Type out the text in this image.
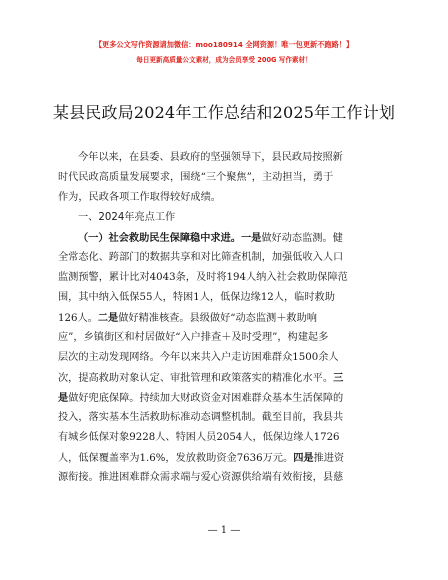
【更多公文写作资源请加微信：moo180914 全网资源！唯一包更新不跑路！】
每日更新高质量公文素材，成为会员享受 200G 写作素材！
某县民政局2024年工作总结和2025年工作计划
今年以来，在县委、县政府的坚强领导下，县民政局按照新
时代民政高质量发展要求，围绕“三个聚焦”，主动担当，勇于
作为，民政各项工作取得较好成绩。
一、2024年亮点工作
（一）社会救助民生保障稳中求进。一是做好动态监测。健
全常态化、跨部门的数据共享和对比筛查机制，加强低收入人口
监测预警，累计比对4043条，及时将194人纳入社会救助保障范
围，其中纳入低保55人，特困1人，低保边缘12人，临时救助
126人。二是做好精准核查。县级做好“动态监测＋救助响
应”，乡镇街区和村居做好“入户排查＋及时受理”，构建起多
层次的主动发现网络。今年以来共入户走访困难群众1500余人
次，提高救助对象认定、审批管理和政策落实的精准化水平。三
是做好兜底保障。持续加大财政资金对困难群众基本生活保障的
投入，落实基本生活救助标准动态调整机制。截至目前，我县共
有城乡低保对象9228人、特困人员2054人，低保边缘人1726
人，低保覆盖率为1.6%，发放救助资金7636万元。四是推进资
源衔接。推进困难群众需求端与爱心资源供给端有效衔接，县慈
— 1 —
